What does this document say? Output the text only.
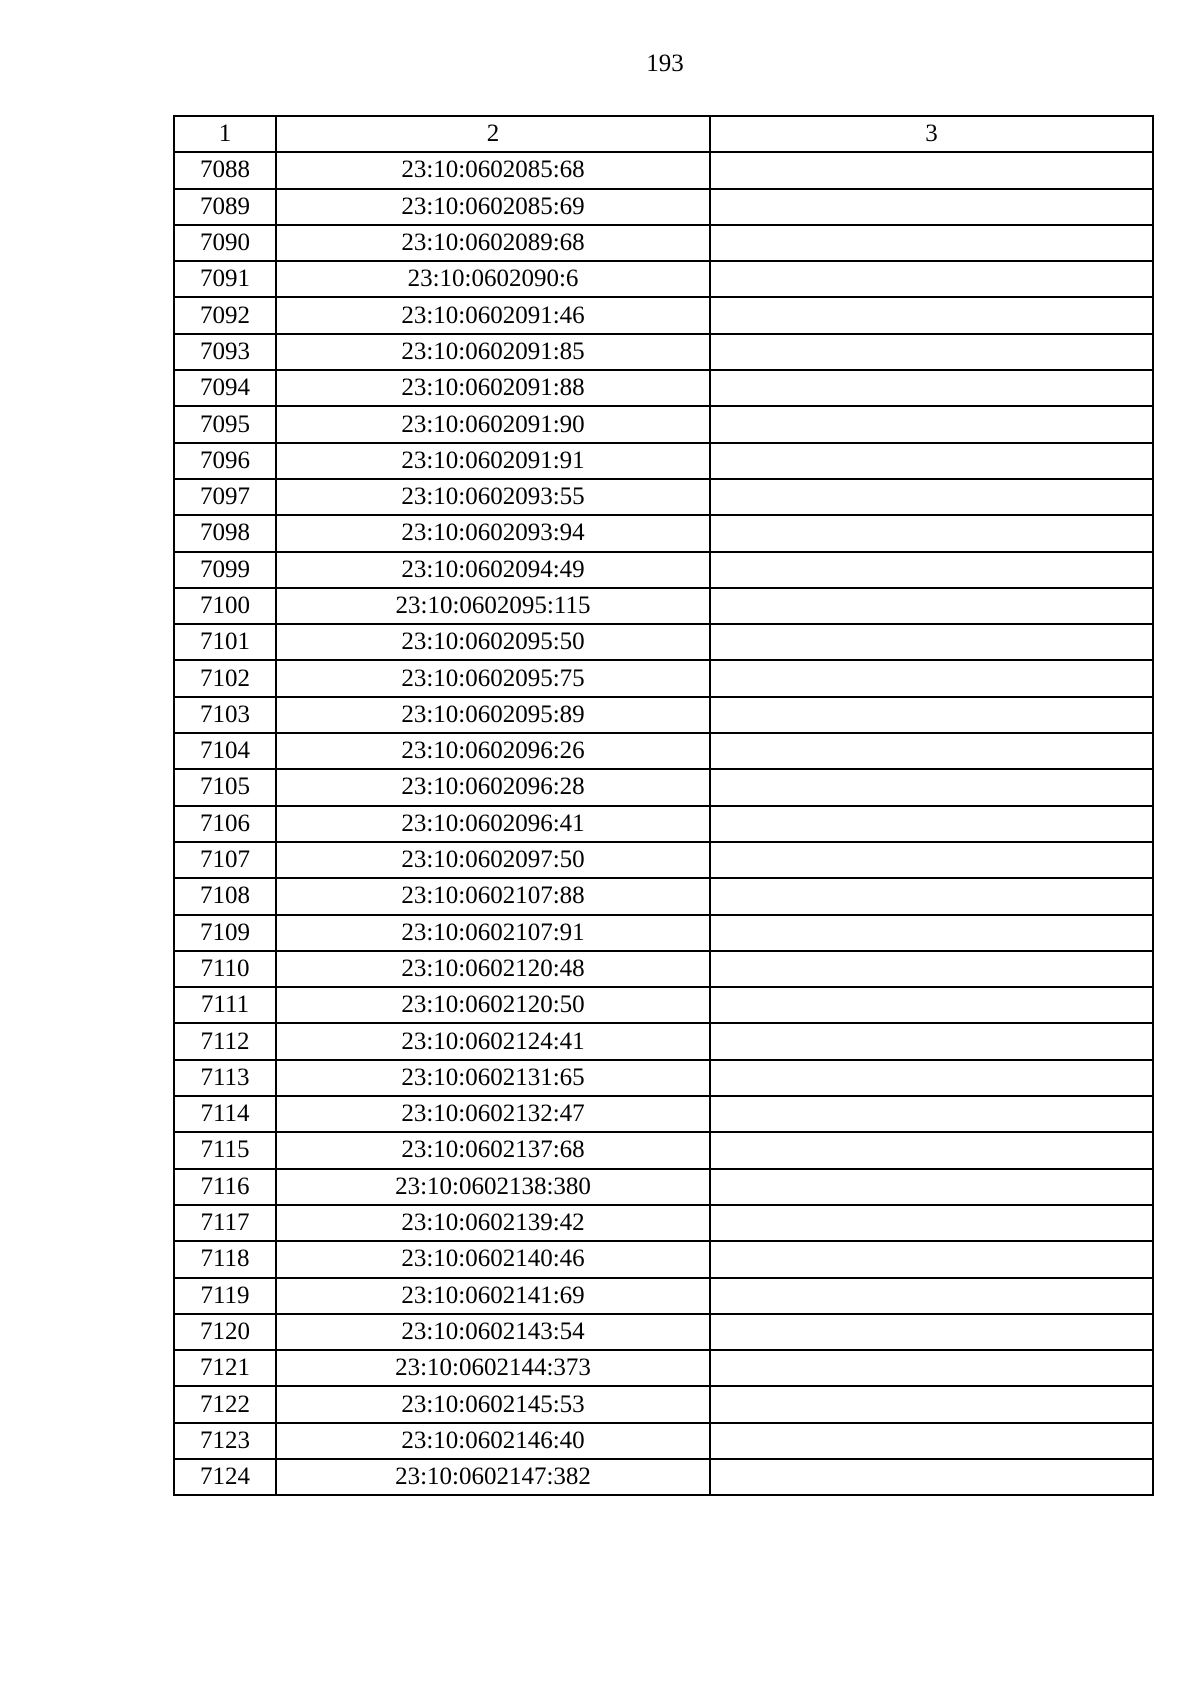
193
1	2	3
7088	23:10:0602085:68	
7089	23:10:0602085:69	
7090	23:10:0602089:68	
7091	23:10:0602090:6	
7092	23:10:0602091:46	
7093	23:10:0602091:85	
7094	23:10:0602091:88	
7095	23:10:0602091:90	
7096	23:10:0602091:91	
7097	23:10:0602093:55	
7098	23:10:0602093:94	
7099	23:10:0602094:49	
7100	23:10:0602095:115	
7101	23:10:0602095:50	
7102	23:10:0602095:75	
7103	23:10:0602095:89	
7104	23:10:0602096:26	
7105	23:10:0602096:28	
7106	23:10:0602096:41	
7107	23:10:0602097:50	
7108	23:10:0602107:88	
7109	23:10:0602107:91	
7110	23:10:0602120:48	
7111	23:10:0602120:50	
7112	23:10:0602124:41	
7113	23:10:0602131:65	
7114	23:10:0602132:47	
7115	23:10:0602137:68	
7116	23:10:0602138:380	
7117	23:10:0602139:42	
7118	23:10:0602140:46	
7119	23:10:0602141:69	
7120	23:10:0602143:54	
7121	23:10:0602144:373	
7122	23:10:0602145:53	
7123	23:10:0602146:40	
7124	23:10:0602147:382	
